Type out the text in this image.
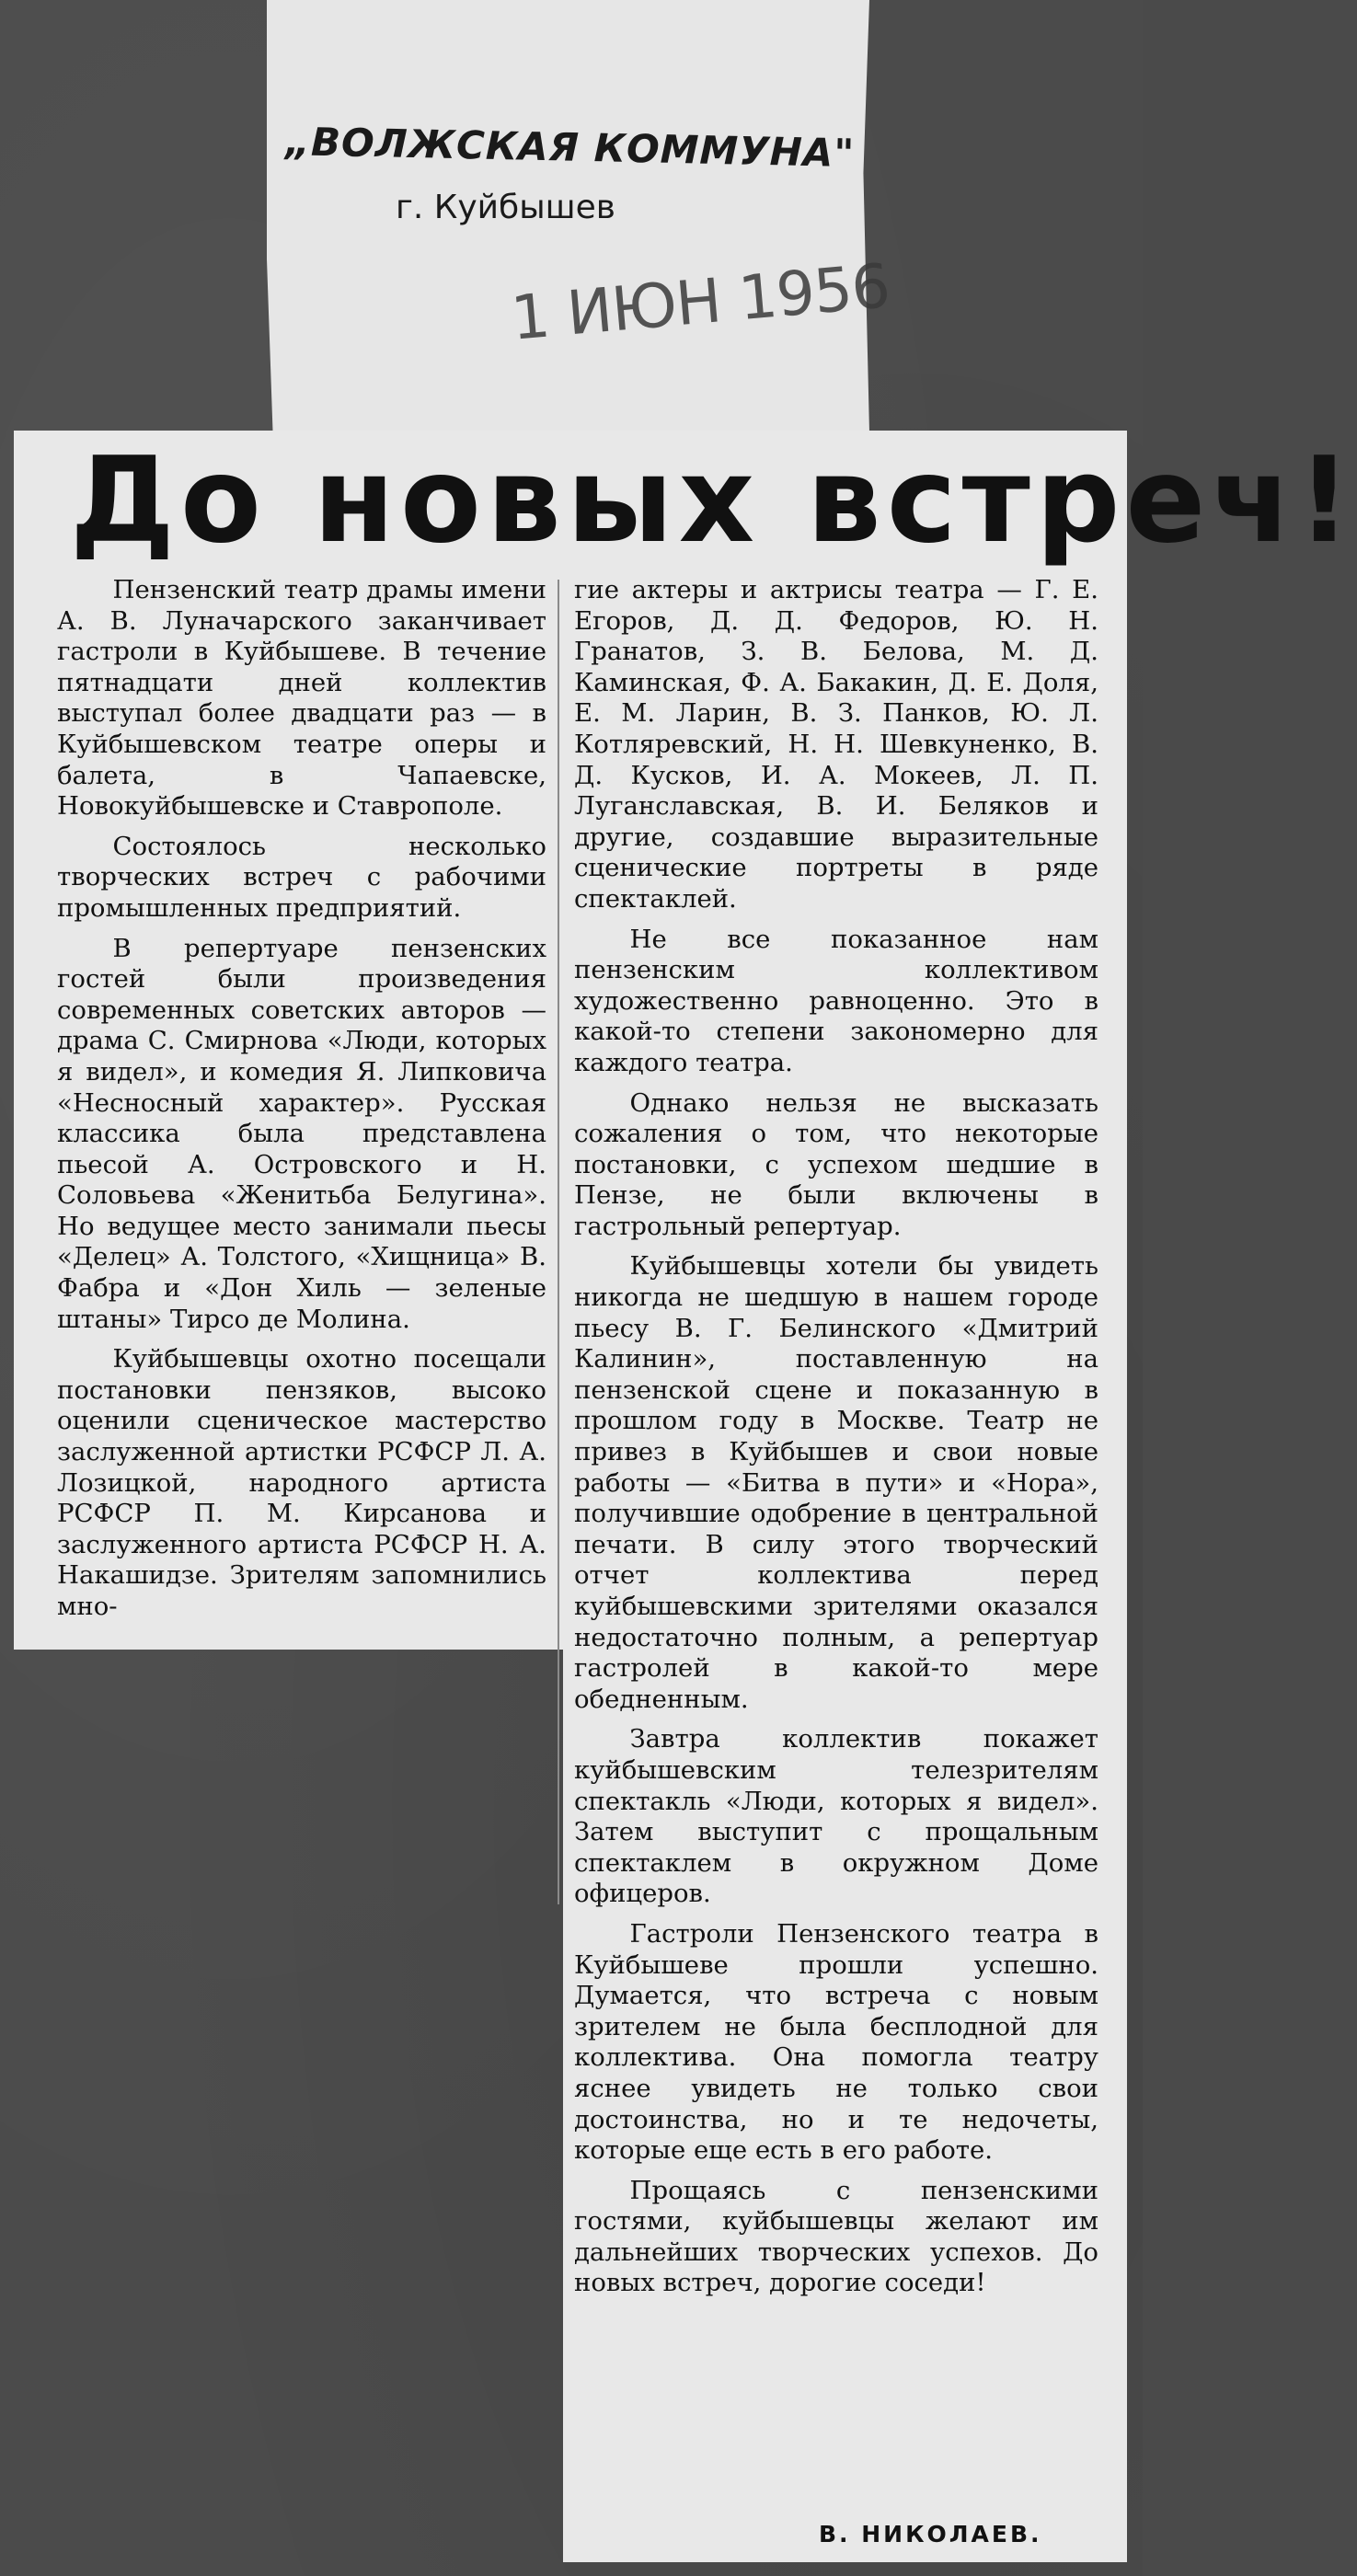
„ВОЛЖСКАЯ КОММУНА"
г. Куйбышев
1 ИЮН 1956
До новых встреч!

Пензенский театр драмы имени А. В. Луначарского заканчивает гастроли в Куйбышеве. В течение пятнадцати дней коллектив выступал более двадцати раз — в Куйбышевском театре оперы и балета, в Чапаевске, Новокуйбышевске и Ставрополе.

Состоялось несколько творческих встреч с рабочими промышленных предприятий.

В репертуаре пензенских гостей были произведения современных советских авторов — драма С. Смирнова «Люди, которых я видел», и комедия Я. Липковича «Несносный характер». Русская классика была представлена пьесой А. Островского и Н. Соловьева «Женитьба Белугина». Но ведущее место занимали пьесы «Делец» А. Толстого, «Хищница» В. Фабра и «Дон Хиль — зеленые штаны» Тирсо де Молина.

Куйбышевцы охотно посещали постановки пензяков, высоко оценили сценическое мастерство заслуженной артистки РСФСР Л. А. Лозицкой, народного артиста РСФСР П. М. Кирсанова и заслуженного артиста РСФСР Н. А. Накашидзе. Зрителям запомнились мно-

гие актеры и актрисы театра — Г. Е. Егоров, Д. Д. Федоров, Ю. Н. Гранатов, З. В. Белова, М. Д. Каминская, Ф. А. Бакакин, Д. Е. Доля, Е. М. Ларин, В. З. Панков, Ю. Л. Котляревский, Н. Н. Шевкуненко, В. Д. Кусков, И. А. Мокеев, Л. П. Луганславская, В. И. Беляков и другие, создавшие выразительные сценические портреты в ряде спектаклей.

Не все показанное нам пензенским коллективом художественно равноценно. Это в какой-то степени закономерно для каждого театра.

Однако нельзя не высказать сожаления о том, что некоторые постановки, с успехом шедшие в Пензе, не были включены в гастрольный репертуар.

Куйбышевцы хотели бы увидеть никогда не шедшую в нашем городе пьесу В. Г. Белинского «Дмитрий Калинин», поставленную на пензенской сцене и показанную в прошлом году в Москве. Театр не привез в Куйбышев и свои новые работы — «Битва в пути» и «Нора», получившие одобрение в центральной печати. В силу этого творческий отчет коллектива перед куйбышевскими зрителями оказался недостаточно полным, а репертуар гастролей в какой-то мере обедненным.

Завтра коллектив покажет куйбышевским телезрителям спектакль «Люди, которых я видел». Затем выступит с прощальным спектаклем в окружном Доме офицеров.

Гастроли Пензенского театра в Куйбышеве прошли успешно. Думается, что встреча с новым зрителем не была бесплодной для коллектива. Она помогла театру яснее увидеть не только свои достоинства, но и те недочеты, которые еще есть в его работе.

Прощаясь с пензенскими гостями, куйбышевцы желают им дальнейших творческих успехов. До новых встреч, дорогие соседи!

В. НИКОЛАЕВ.
